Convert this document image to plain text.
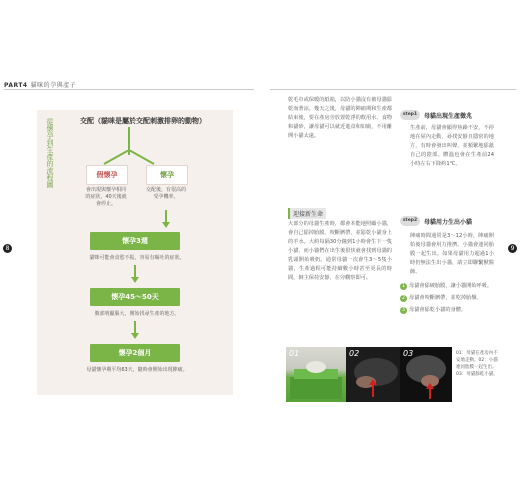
8	9
PART4 貓咪的孕與產子
從懷孕到生產的流程圖	交配（貓咪是屬於交配刺激排卵的動物）
假懷孕	懷孕
會出現與懷孕相同的症狀，40天後就會停止。
交配後，有很高的受孕機率。
懷孕3週
貓咪可能會食慾不振，容易有嘔吐的症狀。
懷孕45〜50天
腹部明顯脹大，開始找尋生產的地方。
懷孕2個月
母貓懷孕期平均63天，隨時會開始出現陣痛。
乾毛巾或保暖的紙箱，以防小貓沒有被母貓舔乾而著涼。幾天之後，母貓的陣痛期和生產都結束後，要在產房旁放置乾淨的飲用水、食物和貓砂，讓母貓可以就近進食和如廁，不用離開小貓太遠。
迎接新生命
大部分的母貓生產時，都會本能地照顧小貓，會自己舔掉胎膜、咬斷臍帶，並舔乾小貓身上的羊水。大約每隔30分鐘到1小時會生下一隻小貓，而小貓們在出生後很快就會找到母貓的乳頭開始吸奶。通常母貓一次會生3〜5隻小貓，生產過程可能持續數小時甚至更長的時間，飼主保持安靜、在旁觀察即可。
step1	母貓出現生產徵兆
生產前，母貓會顯得焦躁不安，不停地在屋內走動，尋找安靜且隱密的地方，有時會發出叫聲，並頻繁地舔舐自己的陰部。體溫也會在生產前24小時左右下降約1℃。
step2	母貓用力生出小貓
陣痛時間通常是3〜12小時，陣痛開始後母貓會用力推擠，小貓會連同胎膜一起生出。如果母貓用力超過1小時仍無法生出小貓，請立即聯繫獸醫師。
1 母貓會舔破胎膜，讓小貓開始呼吸。
2 母貓會咬斷臍帶，並吃掉胎盤。
3 母貓會舔乾小貓的身體。
01	02	03	01：母貓在產房內不安地走動。02：小貓連同胎膜一起生出。03：母貓舔乾小貓。
